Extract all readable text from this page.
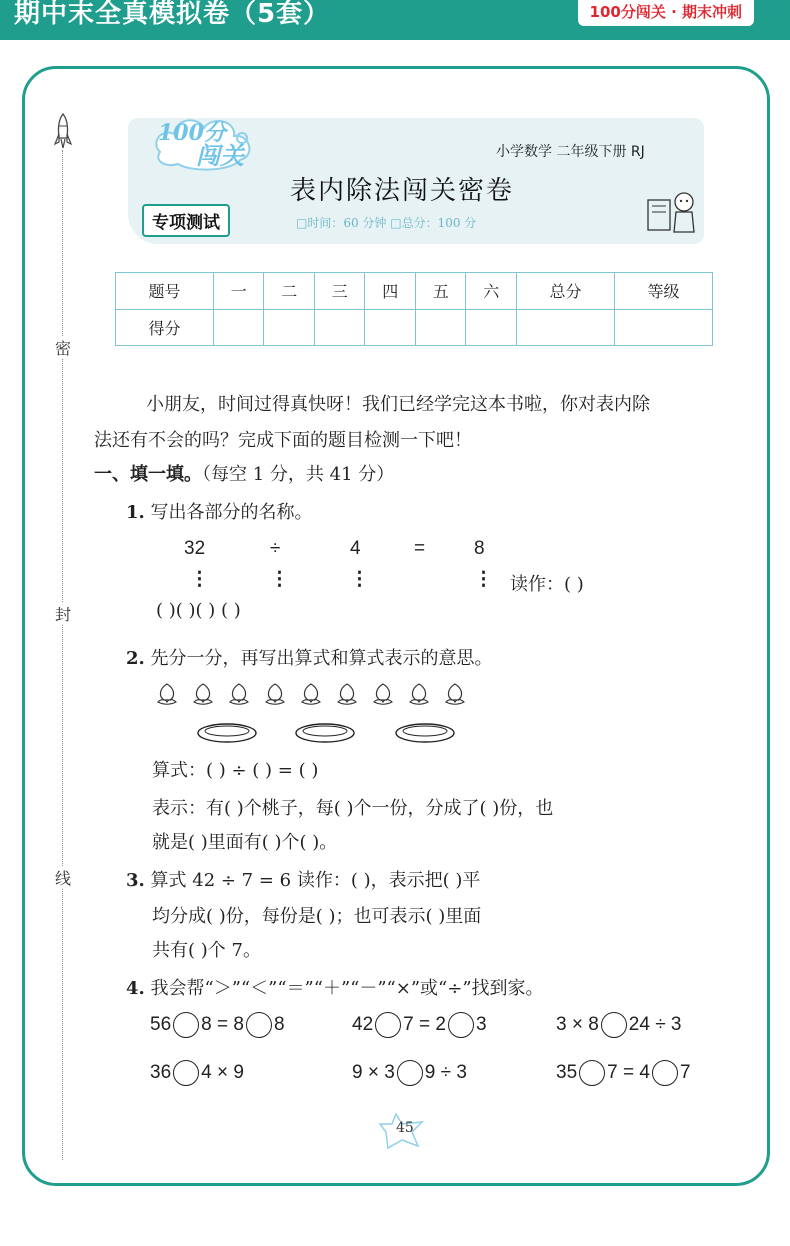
期中末全真模拟卷（5套）	100分闯关 · 期末冲刺
密
封
线
100分
闯关	小学数学 二年级下册 RJ
表内除法闯关密卷
专项测试	□时间：60 分钟 □总分：100 分
题号	一	二	三	四	五	六	总分	等级
得分								
小朋友，时间过得真快呀！我们已经学完这本书啦，你对表内除
法还有不会的吗？完成下面的题目检测一下吧！
一、填一填。（每空 1 分，共 41 分）
1. 写出各部分的名称。
32	÷	4	=	8
⋮	⋮	⋮	⋮ 读作：( )
( )( )( ) ( )
2. 先分一分，再写出算式和算式表示的意思。
算式：( ) ÷ ( ) = ( )
表示：有( )个桃子，每( )个一份，分成了( )份，也
就是( )里面有( )个( )。
3. 算式 42 ÷ 7 = 6 读作：( )，表示把( )平
均分成( )份，每份是( )；也可表示( )里面
共有( )个 7。
4. 我会帮“＞”“＜”“＝”“＋”“－”“×”或“÷”找到家。
56 8 = 8 8	42 7 = 2 3	3 × 8 24 ÷ 3
36 4 × 9	9 × 3 9 ÷ 3	35 7 = 4 7
45
